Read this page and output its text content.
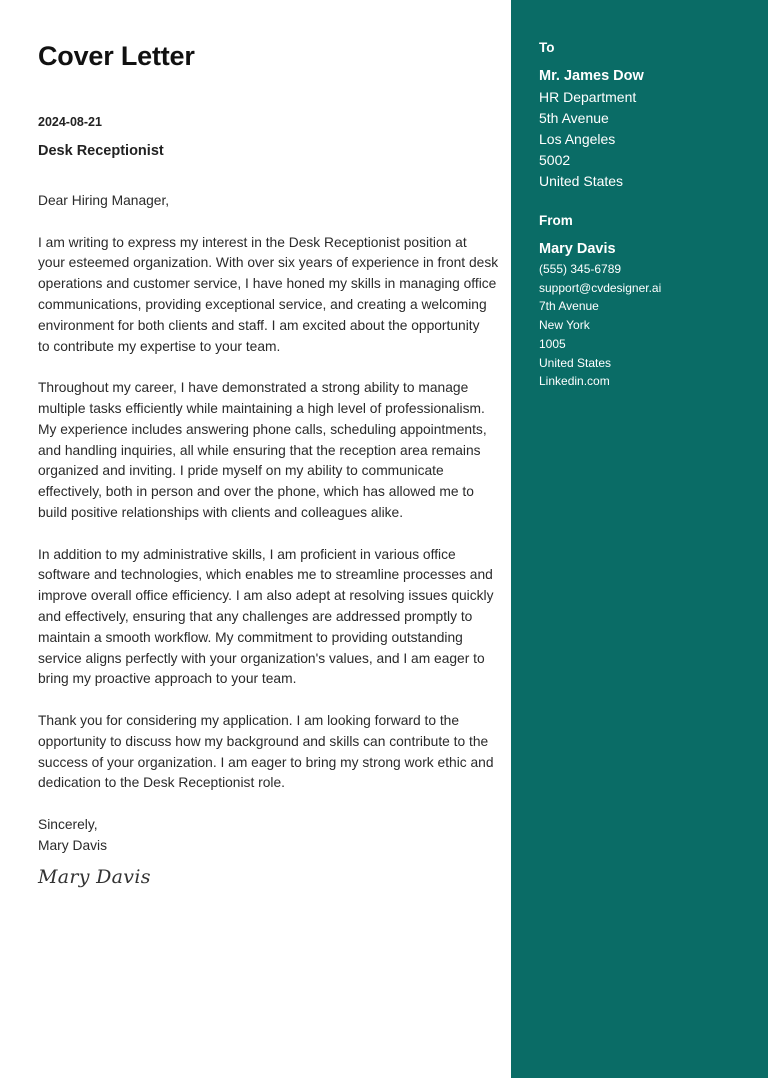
Cover Letter
2024-08-21
Desk Receptionist

Dear Hiring Manager,

I am writing to express my interest in the Desk Receptionist position at
your esteemed organization. With over six years of experience in front desk
operations and customer service, I have honed my skills in managing office
communications, providing exceptional service, and creating a welcoming
environment for both clients and staff. I am excited about the opportunity
to contribute my expertise to your team.

Throughout my career, I have demonstrated a strong ability to manage
multiple tasks efficiently while maintaining a high level of professionalism.
My experience includes answering phone calls, scheduling appointments,
and handling inquiries, all while ensuring that the reception area remains
organized and inviting. I pride myself on my ability to communicate
effectively, both in person and over the phone, which has allowed me to
build positive relationships with clients and colleagues alike.

In addition to my administrative skills, I am proficient in various office
software and technologies, which enables me to streamline processes and
improve overall office efficiency. I am also adept at resolving issues quickly
and effectively, ensuring that any challenges are addressed promptly to
maintain a smooth workflow. My commitment to providing outstanding
service aligns perfectly with your organization's values, and I am eager to
bring my proactive approach to your team.

Thank you for considering my application. I am looking forward to the
opportunity to discuss how my background and skills can contribute to the
success of your organization. I am eager to bring my strong work ethic and
dedication to the Desk Receptionist role.

Sincerely,
Mary Davis

Mary Davis
To
Mr. James Dow
HR Department
5th Avenue
Los Angeles
5002
United States
From
Mary Davis
(555) 345-6789
support@cvdesigner.ai
7th Avenue
New York
1005
United States
Linkedin.com
